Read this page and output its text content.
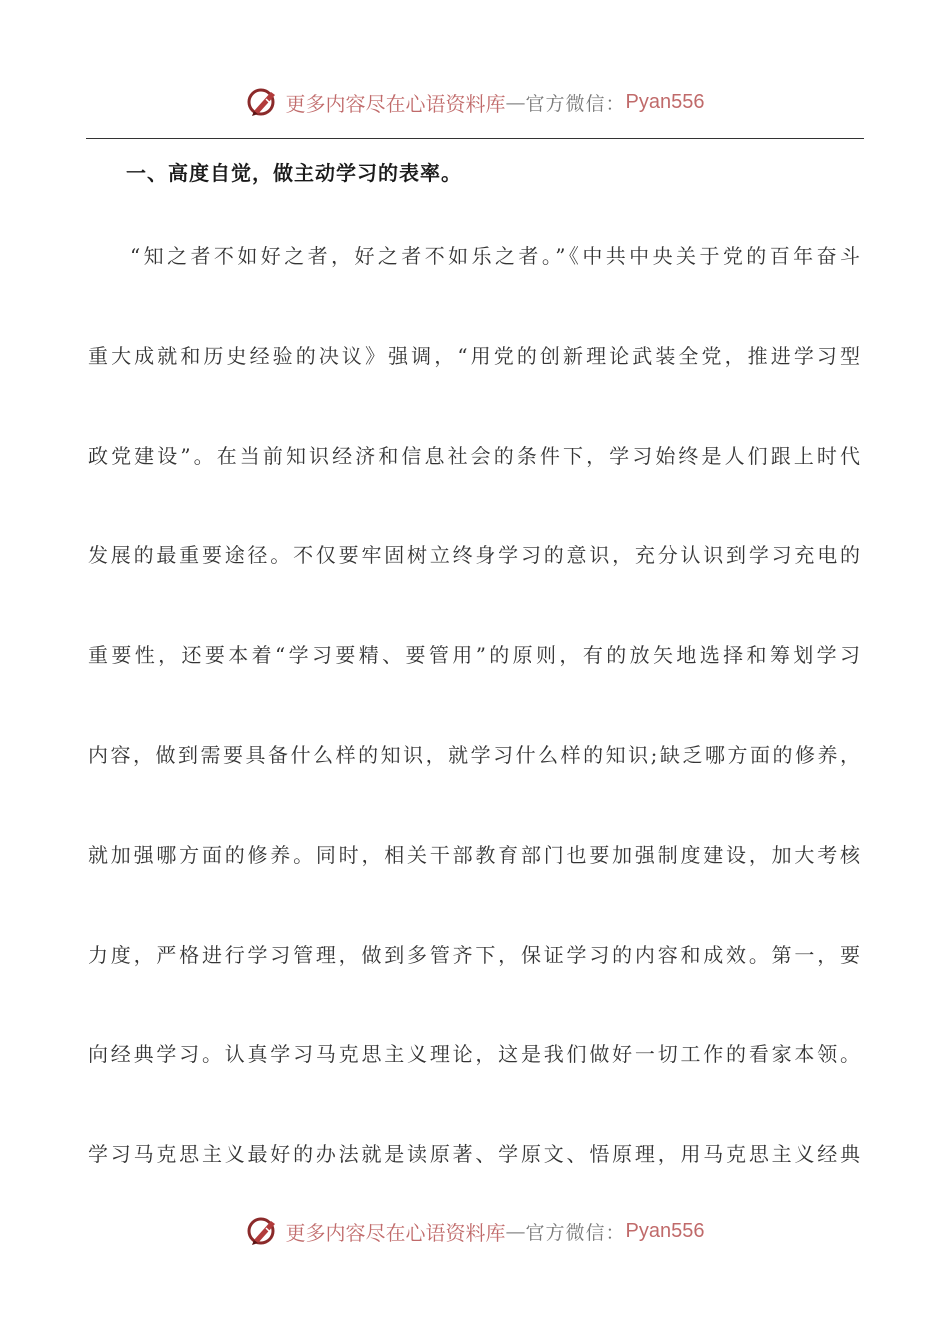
更多内容尽在心语资料库 — 官方微信： Pyan556
一、高度自觉，做主动学习的表率。
“知之者不如好之者，好之者不如乐之者。”《中共中央关于党的百年奋斗
重大成就和历史经验的决议》强调，“用党的创新理论武装全党，推进学习型
政党建设”。在当前知识经济和信息社会的条件下，学习始终是人们跟上时代
发展的最重要途径。不仅要牢固树立终身学习的意识，充分认识到学习充电的
重要性，还要本着“学习要精、要管用”的原则，有的放矢地选择和筹划学习
内容，做到需要具备什么样的知识，就学习什么样的知识;缺乏哪方面的修养，
就加强哪方面的修养。同时，相关干部教育部门也要加强制度建设，加大考核
力度，严格进行学习管理，做到多管齐下，保证学习的内容和成效。第一，要
向经典学习。认真学习马克思主义理论，这是我们做好一切工作的看家本领。
学习马克思主义最好的办法就是读原著、学原文、悟原理，用马克思主义经典
更多内容尽在心语资料库 — 官方微信： Pyan556
